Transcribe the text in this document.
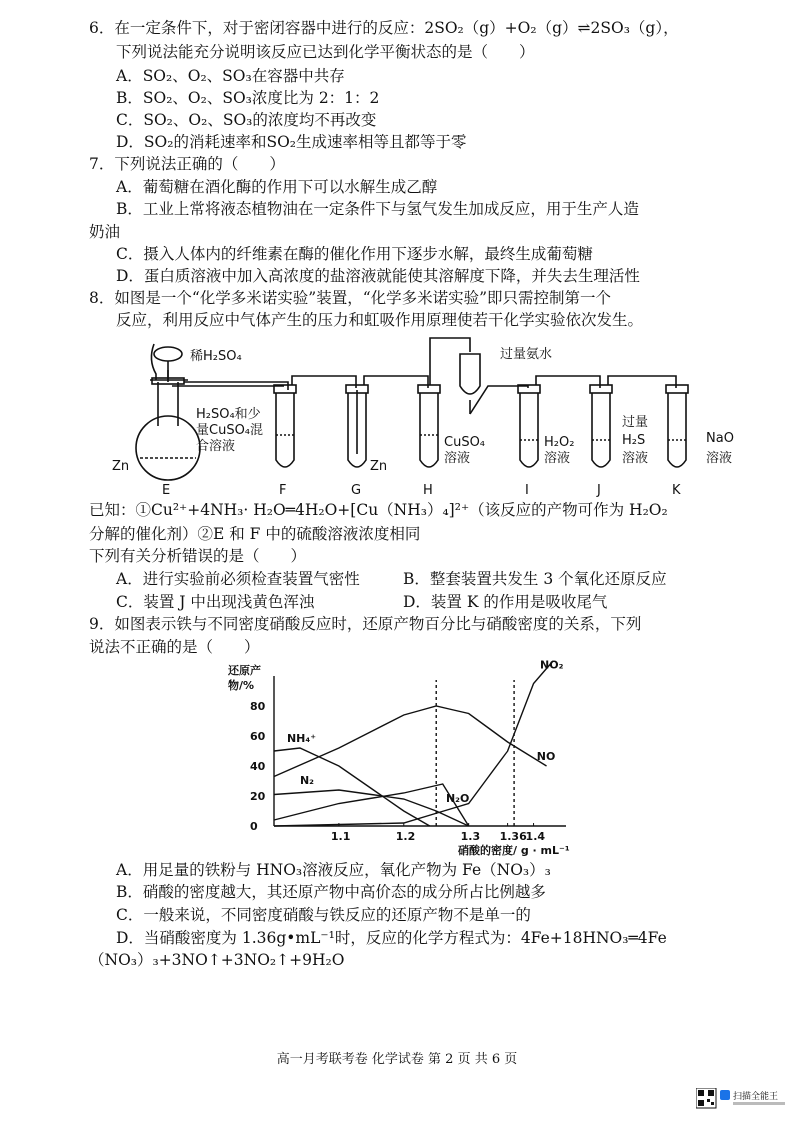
6．在一定条件下，对于密闭容器中进行的反应：2SO₂（g）+O₂（g）⇌2SO₃（g），
下列说法能充分说明该反应已达到化学平衡状态的是（　　）
A．SO₂、O₂、SO₃在容器中共存
B．SO₂、O₂、SO₃浓度比为 2：1：2
C．SO₂、O₂、SO₃的浓度均不再改变
D．SO₂的消耗速率和SO₂生成速率相等且都等于零
7．下列说法正确的（　　）
A．葡萄糖在酒化酶的作用下可以水解生成乙醇
B．工业上常将液态植物油在一定条件下与氢气发生加成反应，用于生产人造
奶油
C．摄入人体内的纤维素在酶的催化作用下逐步水解，最终生成葡萄糖
D．蛋白质溶液中加入高浓度的盐溶液就能使其溶解度下降，并失去生理活性
8．如图是一个“化学多米诺实验”装置，“化学多米诺实验”即只需控制第一个
反应，利用反应中气体产生的压力和虹吸作用原理使若干化学实验依次发生。
稀H₂SO₄	过量氨水
H₂SO₄和少
量CuSO₄混
合溶液
Zn	Zn
CuSO₄
溶液
H₂O₂
溶液
过量
H₂S
溶液
NaO
溶液
E	F	G	H	I	J	K
已知：①Cu²⁺+4NH₃· H₂O═4H₂O+[Cu（NH₃）₄]²⁺（该反应的产物可作为 H₂O₂
分解的催化剂）②E 和 F 中的硫酸溶液浓度相同
下列有关分析错误的是（　　）
A．进行实验前必须检查装置气密性	B．整套装置共发生 3 个氧化还原反应
C．装置 J 中出现浅黄色浑浊	D．装置 K 的作用是吸收尾气
9．如图表示铁与不同密度硝酸反应时，还原产物百分比与硝酸密度的关系，下列
说法不正确的是（　　）
还原产
物/%
硝酸的密度/ g · mL⁻¹
0
20
40
60
80
1.1	1.2	1.3 1.36
1.4
NO₂
NO
NH₄⁺
N₂
N₂O
A．用足量的铁粉与 HNO₃溶液反应，氧化产物为 Fe（NO₃）₃
B．硝酸的密度越大，其还原产物中高价态的成分所占比例越多
C．一般来说，不同密度硝酸与铁反应的还原产物不是单一的
D．当硝酸密度为 1.36g•mL⁻¹时，反应的化学方程式为：4Fe+18HNO₃═4Fe
（NO₃）₃+3NO↑+3NO₂↑+9H₂O
高一月考联考卷 化学试卷 第 2 页 共 6 页
扫描全能王
